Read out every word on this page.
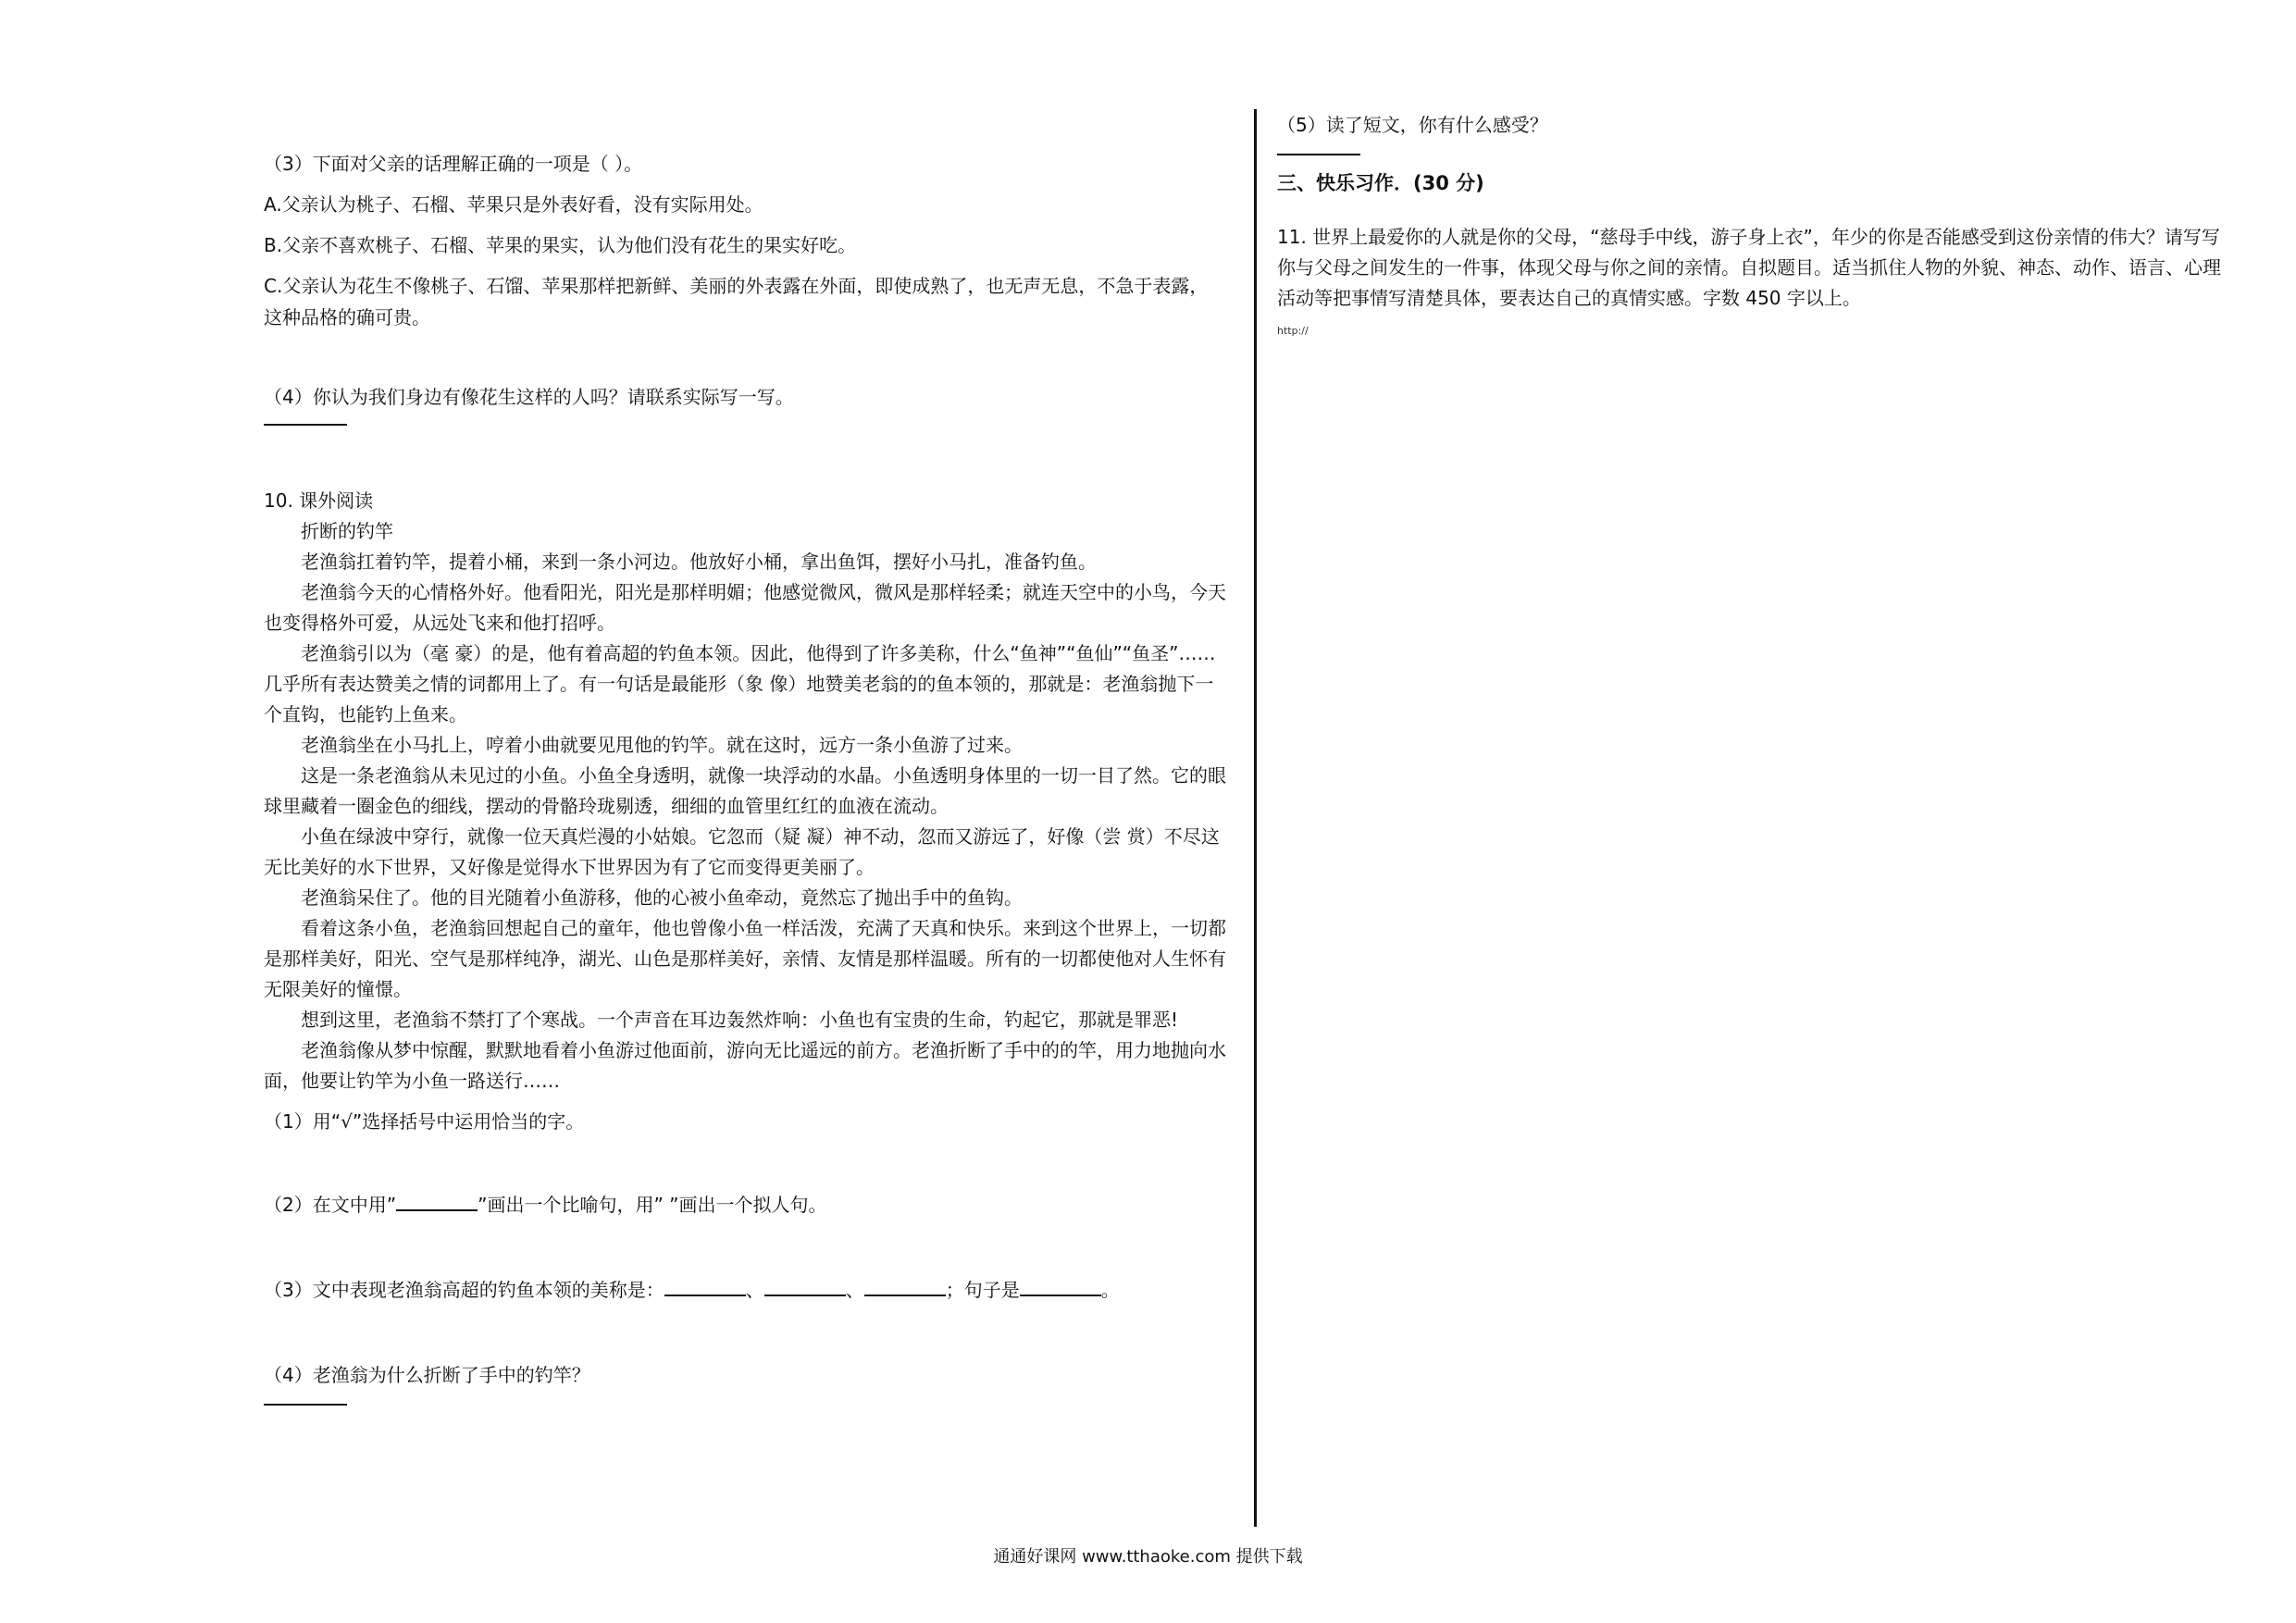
（3）下面对父亲的话理解正确的一项是（ ）。

A.父亲认为桃子、石榴、苹果只是外表好看，没有实际用处。

B.父亲不喜欢桃子、石榴、苹果的果实，认为他们没有花生的果实好吃。

C.父亲认为花生不像桃子、石馏、苹果那样把新鲜、美丽的外表露在外面，即使成熟了，也无声无息，不急于表露，这种品格的确可贵。

（4）你认为我们身边有像花生这样的人吗？请联系实际写一写。

10. 课外阅读

折断的钓竿

老渔翁扛着钓竿，提着小桶，来到一条小河边。他放好小桶，拿出鱼饵，摆好小马扎，准备钓鱼。

老渔翁今天的心情格外好。他看阳光，阳光是那样明媚；他感觉微风，微风是那样轻柔；就连天空中的小鸟，今天也变得格外可爱，从远处飞来和他打招呼。

老渔翁引以为（毫 豪）的是，他有着高超的钓鱼本领。因此，他得到了许多美称，什么“鱼神”“鱼仙”“鱼圣”……几乎所有表达赞美之情的词都用上了。有一句话是最能形（象 像）地赞美老翁的的鱼本领的，那就是：老渔翁抛下一个直钩，也能钓上鱼来。

老渔翁坐在小马扎上，哼着小曲就要见甩他的钓竿。就在这时，远方一条小鱼游了过来。

这是一条老渔翁从未见过的小鱼。小鱼全身透明，就像一块浮动的水晶。小鱼透明身体里的一切一目了然。它的眼球里藏着一圈金色的细线，摆动的骨骼玲珑剔透，细细的血管里红红的血液在流动。

小鱼在绿波中穿行，就像一位天真烂漫的小姑娘。它忽而（疑 凝）神不动，忽而又游远了，好像（尝 赏）不尽这无比美好的水下世界，又好像是觉得水下世界因为有了它而变得更美丽了。

老渔翁呆住了。他的目光随着小鱼游移，他的心被小鱼牵动，竟然忘了抛出手中的鱼钩。

看着这条小鱼，老渔翁回想起自己的童年，他也曾像小鱼一样活泼，充满了天真和快乐。来到这个世界上，一切都是那样美好，阳光、空气是那样纯净，湖光、山色是那样美好，亲情、友情是那样温暖。所有的一切都使他对人生怀有无限美好的憧憬。

想到这里，老渔翁不禁打了个寒战。一个声音在耳边轰然炸响：小鱼也有宝贵的生命，钓起它，那就是罪恶!

老渔翁像从梦中惊醒，默默地看着小鱼游过他面前，游向无比遥远的前方。老渔折断了手中的的竿，用力地抛向水面，他要让钓竿为小鱼一路送行……

（1）用“√”选择括号中运用恰当的字。

（2）在文中用”	”画出一个比喻句，用” ”画出一个拟人句。

（3）文中表现老渔翁高超的钓鱼本领的美称是：	、	、	；句子是	。

（4）老渔翁为什么折断了手中的钓竿？

（5）读了短文，你有什么感受？

三、快乐习作．(30 分)

11. 世界上最爱你的人就是你的父母，“慈母手中线，游子身上衣”，年少的你是否能感受到这份亲情的伟大？请写写你与父母之间发生的一件事，体现父母与你之间的亲情。自拟题目。适当抓住人物的外貌、神态、动作、语言、心理活动等把事情写清楚具体，要表达自己的真情实感。字数 450 字以上。

http://

通通好课网 www.tthaoke.com 提供下载
